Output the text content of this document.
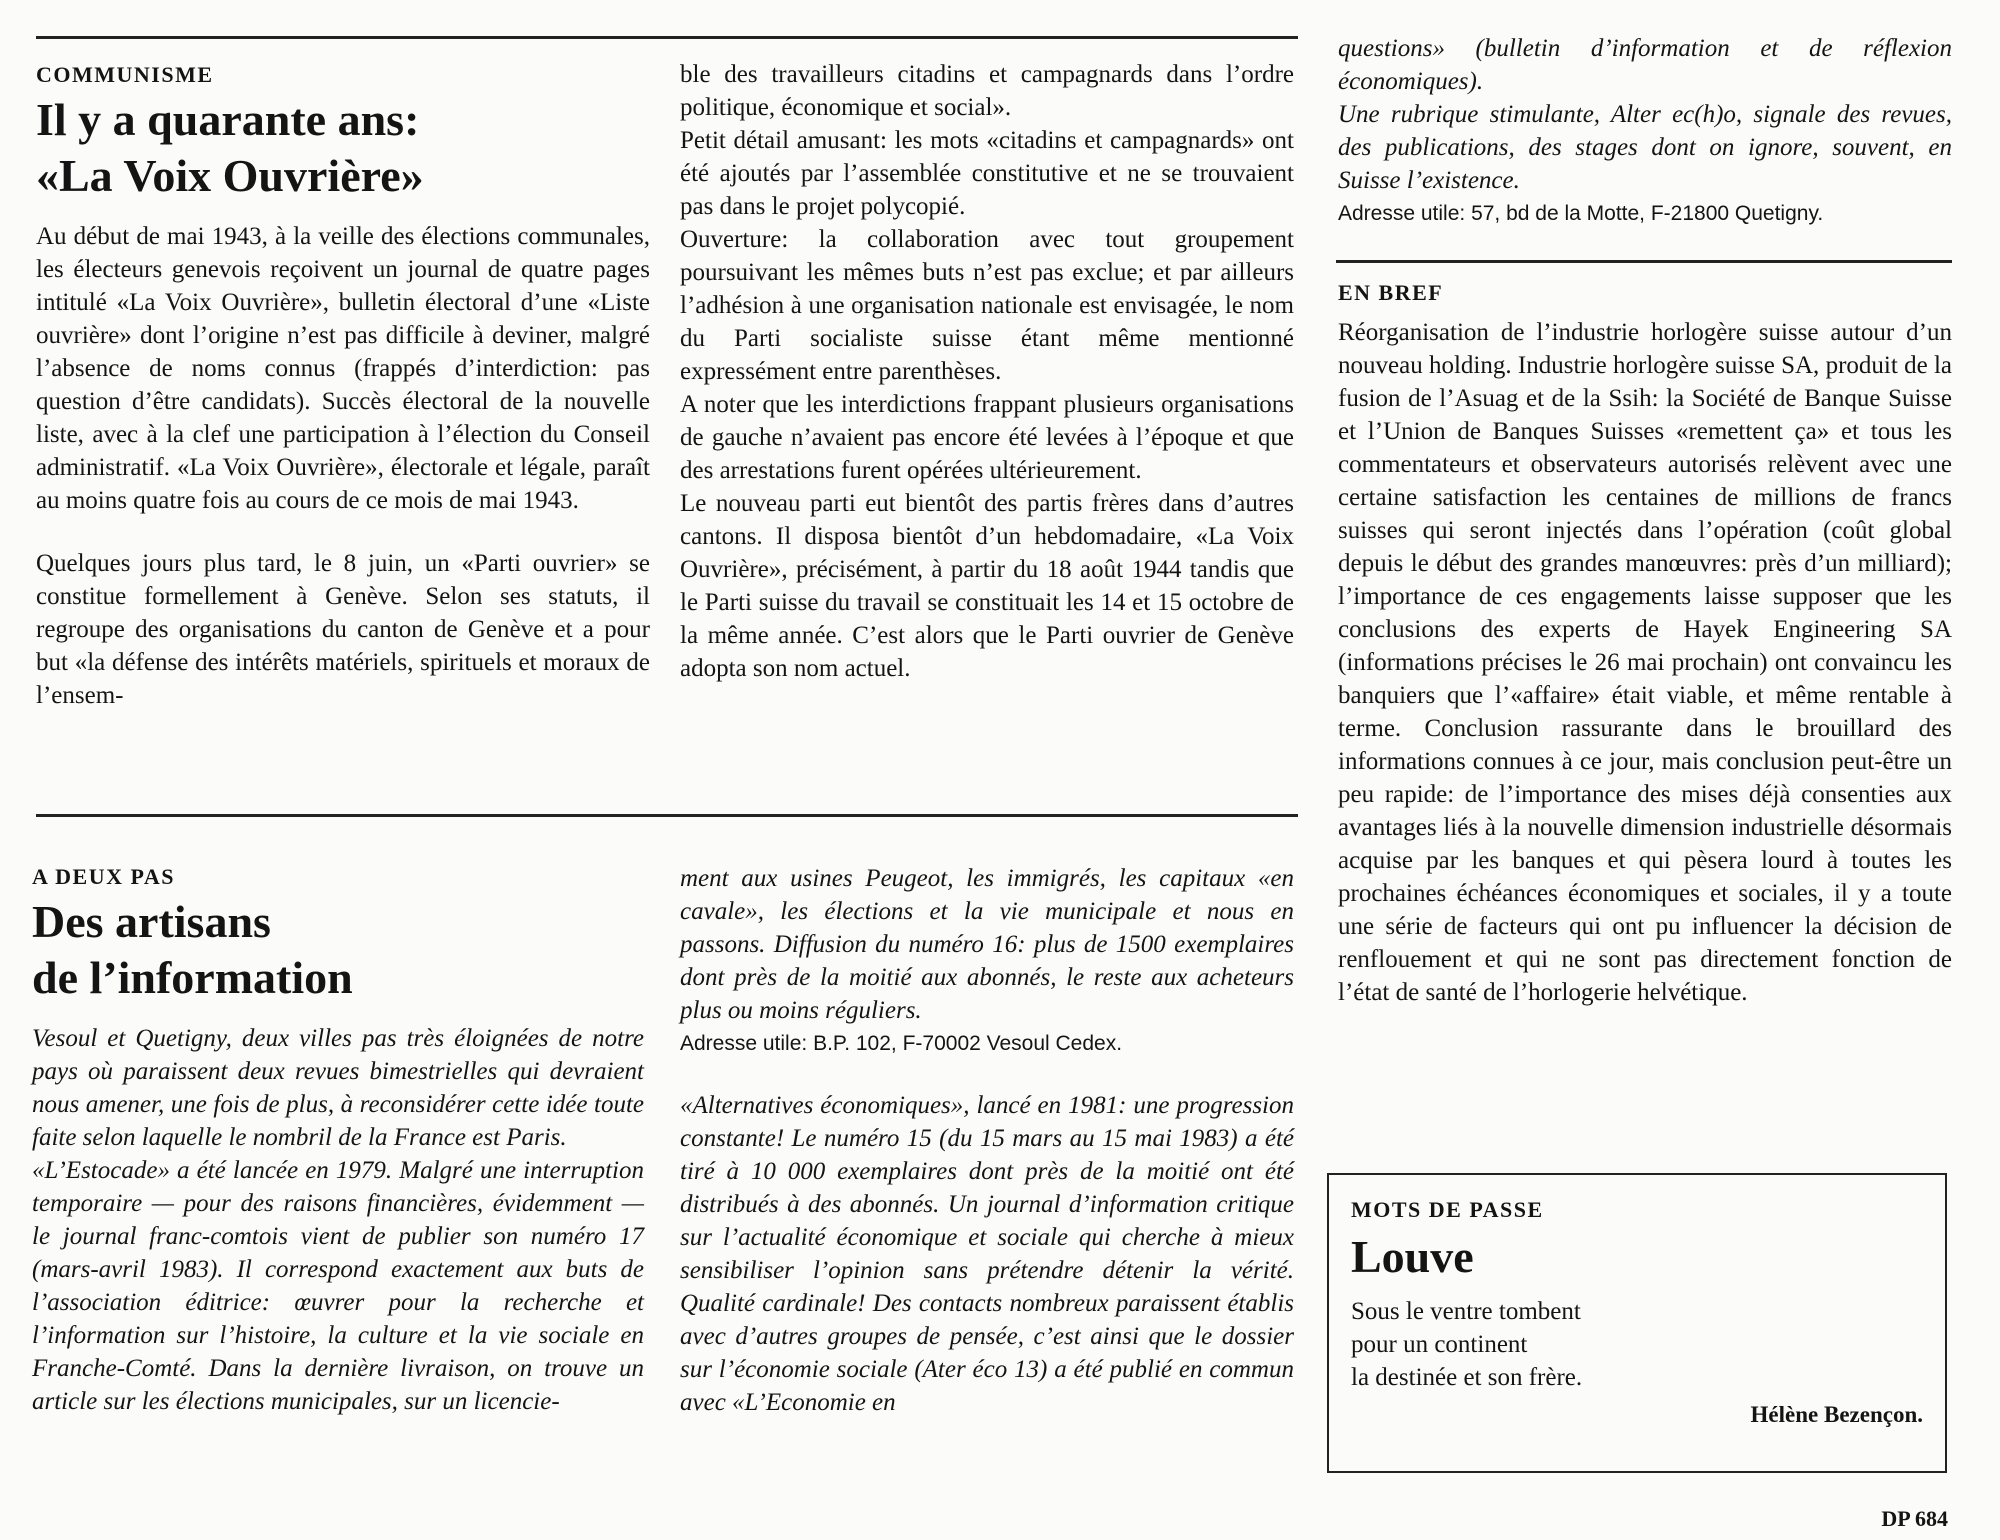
COMMUNISME
Il y a quarante ans:
«La Voix Ouvrière»

Au début de mai 1943, à la veille des élections communales, les électeurs genevois reçoivent un journal de quatre pages intitulé «La Voix Ouvrière», bulletin électoral d’une «Liste ouvrière» dont l’origine n’est pas difficile à deviner, malgré l’absence de noms connus (frappés d’interdiction: pas question d’être candidats). Succès électoral de la nouvelle liste, avec à la clef une participation à l’élection du Conseil administratif. «La Voix Ouvrière», électorale et légale, paraît au moins quatre fois au cours de ce mois de mai 1943.

Quelques jours plus tard, le 8 juin, un «Parti ouvrier» se constitue formellement à Genève. Selon ses statuts, il regroupe des organisations du canton de Genève et a pour but «la défense des intérêts matériels, spirituels et moraux de l’ensem-

ble des travailleurs citadins et campagnards dans l’ordre politique, économique et social».

Petit détail amusant: les mots «citadins et campagnards» ont été ajoutés par l’assemblée constitutive et ne se trouvaient pas dans le projet polycopié.

Ouverture: la collaboration avec tout groupement poursuivant les mêmes buts n’est pas exclue; et par ailleurs l’adhésion à une organisation nationale est envisagée, le nom du Parti socialiste suisse étant même mentionné expressément entre parenthèses.

A noter que les interdictions frappant plusieurs organisations de gauche n’avaient pas encore été levées à l’époque et que des arrestations furent opérées ultérieurement.

Le nouveau parti eut bientôt des partis frères dans d’autres cantons. Il disposa bientôt d’un hebdomadaire, «La Voix Ouvrière», précisément, à partir du 18 août 1944 tandis que le Parti suisse du travail se constituait les 14 et 15 octobre de la même année. C’est alors que le Parti ouvrier de Genève adopta son nom actuel.

A DEUX PAS
Des artisans
de l’information

Vesoul et Quetigny, deux villes pas très éloignées de notre pays où paraissent deux revues bimestrielles qui devraient nous amener, une fois de plus, à reconsidérer cette idée toute faite selon laquelle le nombril de la France est Paris.

«L’Estocade» a été lancée en 1979. Malgré une interruption temporaire — pour des raisons financières, évidemment — le journal franc-comtois vient de publier son numéro 17 (mars-avril 1983). Il correspond exactement aux buts de l’association éditrice: œuvrer pour la recherche et l’information sur l’histoire, la culture et la vie sociale en Franche-Comté. Dans la dernière livraison, on trouve un article sur les élections municipales, sur un licencie-

ment aux usines Peugeot, les immigrés, les capitaux «en cavale», les élections et la vie municipale et nous en passons. Diffusion du numéro 16: plus de 1500 exemplaires dont près de la moitié aux abonnés, le reste aux acheteurs plus ou moins réguliers.

Adresse utile: B.P. 102, F-70002 Vesoul Cedex.

«Alternatives économiques», lancé en 1981: une progression constante! Le numéro 15 (du 15 mars au 15 mai 1983) a été tiré à 10 000 exemplaires dont près de la moitié ont été distribués à des abonnés. Un journal d’information critique sur l’actualité économique et sociale qui cherche à mieux sensibiliser l’opinion sans prétendre détenir la vérité. Qualité cardinale! Des contacts nombreux paraissent établis avec d’autres groupes de pensée, c’est ainsi que le dossier sur l’économie sociale (Ater éco 13) a été publié en commun avec «L’Economie en

questions» (bulletin d’information et de réflexion économiques).

Une rubrique stimulante, Alter ec(h)o, signale des revues, des publications, des stages dont on ignore, souvent, en Suisse l’existence.

Adresse utile: 57, bd de la Motte, F-21800 Quetigny.

EN BREF

Réorganisation de l’industrie horlogère suisse autour d’un nouveau holding. Industrie horlogère suisse SA, produit de la fusion de l’Asuag et de la Ssih: la Société de Banque Suisse et l’Union de Banques Suisses «remettent ça» et tous les commentateurs et observateurs autorisés relèvent avec une certaine satisfaction les centaines de millions de francs suisses qui seront injectés dans l’opération (coût global depuis le début des grandes manœuvres: près d’un milliard); l’importance de ces engagements laisse supposer que les conclusions des experts de Hayek Engineering SA (informations précises le 26 mai prochain) ont convaincu les banquiers que l’«affaire» était viable, et même rentable à terme. Conclusion rassurante dans le brouillard des informations connues à ce jour, mais conclusion peut-être un peu rapide: de l’importance des mises déjà consenties aux avantages liés à la nouvelle dimension industrielle désormais acquise par les banques et qui pèsera lourd à toutes les prochaines échéances économiques et sociales, il y a toute une série de facteurs qui ont pu influencer la décision de renflouement et qui ne sont pas directement fonction de l’état de santé de l’horlogerie helvétique.

MOTS DE PASSE
Louve
Sous le ventre tombent
pour un continent
la destinée et son frère.
Hélène Bezençon.
DP 684
